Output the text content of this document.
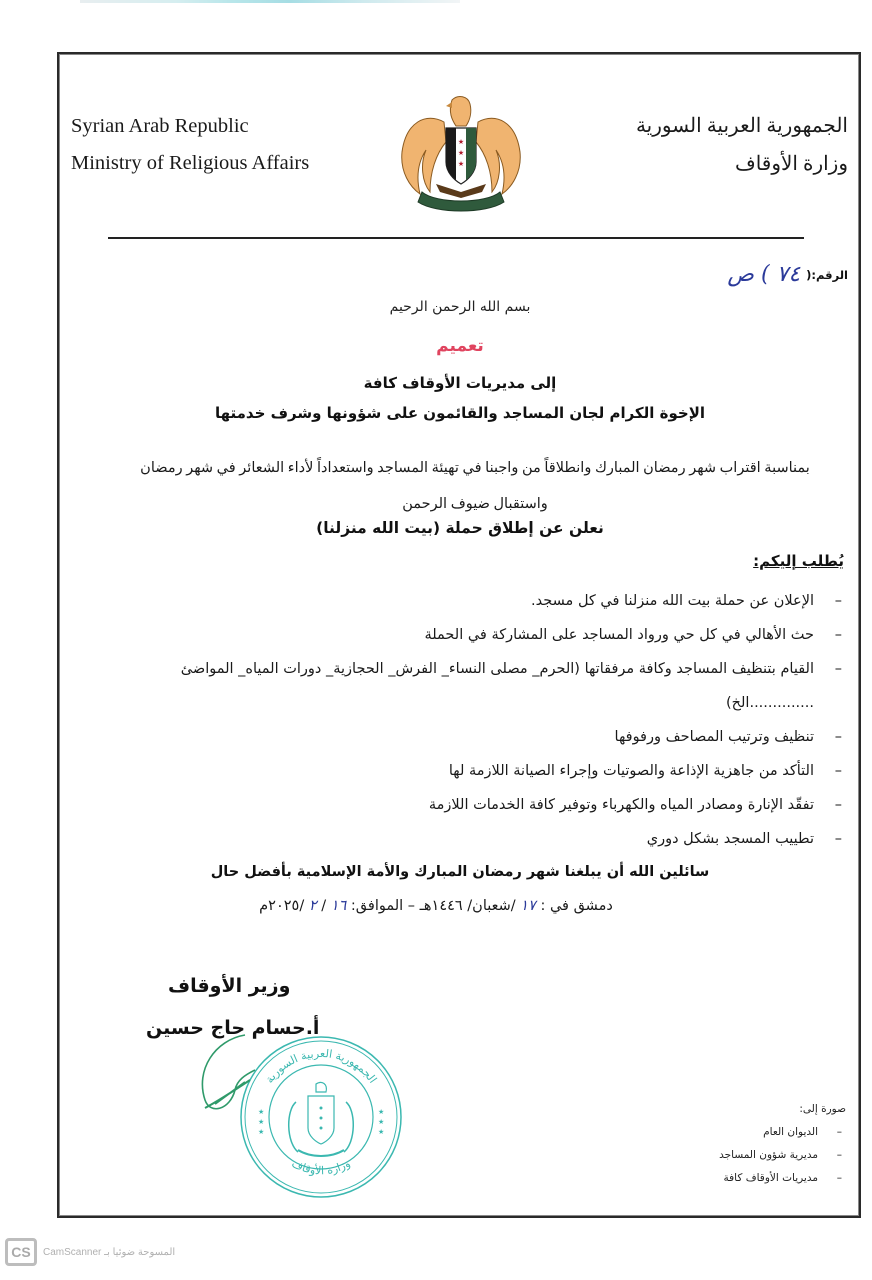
Syrian Arab Republic
Ministry of Religious Affairs
الجمهورية العربية السورية
وزارة الأوقاف
★
★
★
الرقم:(
٧٤ ) ص
بسم الله الرحمن الرحيم
تعميم
إلى مديريات الأوقاف كافة
الإخوة الكرام لجان المساجد والقائمون على شؤونها وشرف خدمتها
بمناسبة اقتراب شهر رمضان المبارك وانطلاقاً من واجبنا في تهيئة المساجد واستعداداً لأداء الشعائر في شهر رمضان واستقبال ضيوف الرحمن
نعلن عن إطلاق حملة (بيت الله منزلنا)
يُطلب إليكم:
–
الإعلان عن حملة بيت الله منزلنا في كل مسجد.
–
حث الأهالي في كل حي ورواد المساجد على المشاركة في الحملة
–
القيام بتنظيف المساجد وكافة مرفقاتها (الحرم_ مصلى النساء_ الفرش_ الحجازية_ دورات المياه_ المواضئ ..............الخ)
–
تنظيف وترتيب المصاحف ورفوفها
–
التأكد من جاهزية الإذاعة والصوتيات وإجراء الصيانة اللازمة لها
–
تفقّد الإنارة ومصادر المياه والكهرباء وتوفير كافة الخدمات اللازمة
–
تطييب المسجد بشكل دوري
سائلين الله أن يبلغنا شهر رمضان المبارك والأمة الإسلامية بأفضل حال
دمشق في : ١٧ /شعبان/ ١٤٤٦هـ – الموافق: ١٦ / ٢ /٢٠٢٥م
وزير الأوقاف
أ.حسام حاج حسين
الجمهورية العربية السورية
وزارة الأوقاف
★
★
★
★
★
★
صورة إلى:
–
الديوان العام
–
مديرية شؤون المساجد
–
مديريات الأوقاف كافة
CS	المسوحة ضوئيا بـ CamScanner
